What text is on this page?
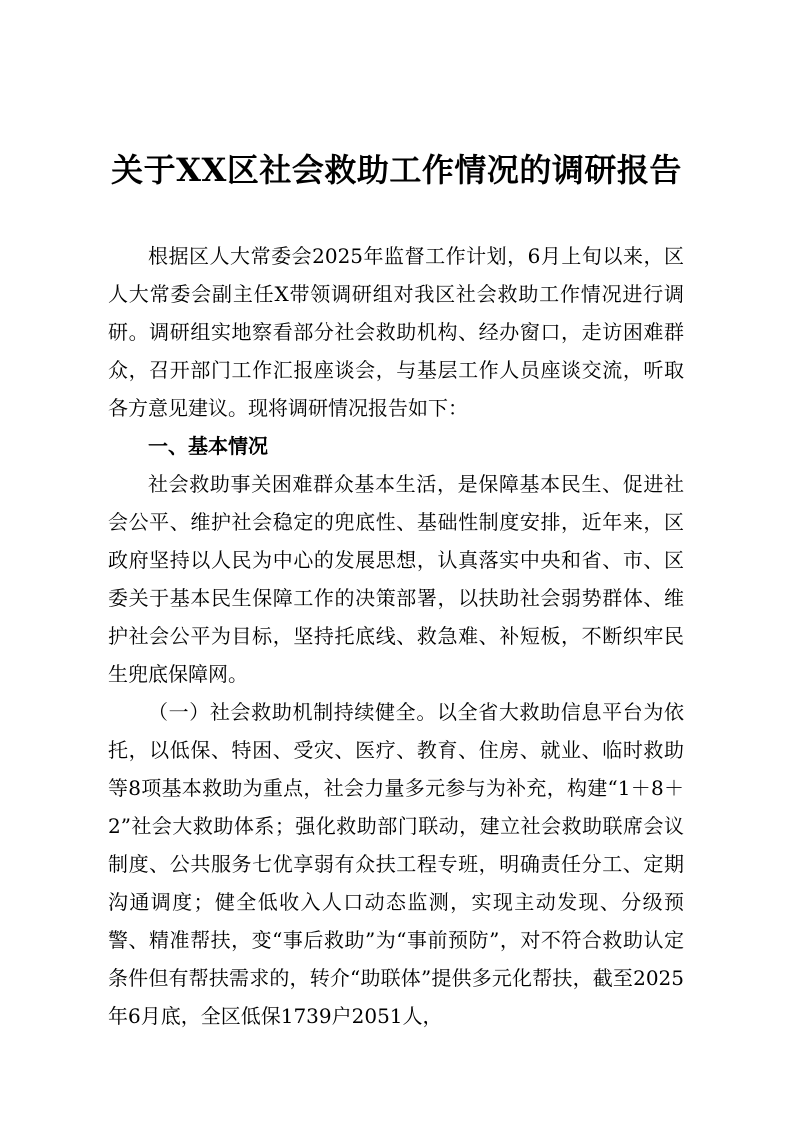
关于XX区社会救助工作情况的调研报告

根据区人大常委会2025年监督工作计划，6月上旬以来，区人大常委会副主任X带领调研组对我区社会救助工作情况进行调研。调研组实地察看部分社会救助机构、经办窗口，走访困难群众，召开部门工作汇报座谈会，与基层工作人员座谈交流，听取各方意见建议。现将调研情况报告如下：

一、基本情况

社会救助事关困难群众基本生活，是保障基本民生、促进社会公平、维护社会稳定的兜底性、基础性制度安排，近年来，区政府坚持以人民为中心的发展思想，认真落实中央和省、市、区委关于基本民生保障工作的决策部署，以扶助社会弱势群体、维护社会公平为目标，坚持托底线、救急难、补短板，不断织牢民生兜底保障网。

（一）社会救助机制持续健全。以全省大救助信息平台为依托，以低保、特困、受灾、医疗、教育、住房、就业、临时救助等8项基本救助为重点，社会力量多元参与为补充，构建“1＋8＋2”社会大救助体系；强化救助部门联动，建立社会救助联席会议制度、公共服务七优享弱有众扶工程专班，明确责任分工、定期沟通调度；健全低收入人口动态监测，实现主动发现、分级预警、精准帮扶，变“事后救助”为“事前预防”，对不符合救助认定条件但有帮扶需求的，转介“助联体”提供多元化帮扶，截至2025年6月底，全区低保1739户2051人，
